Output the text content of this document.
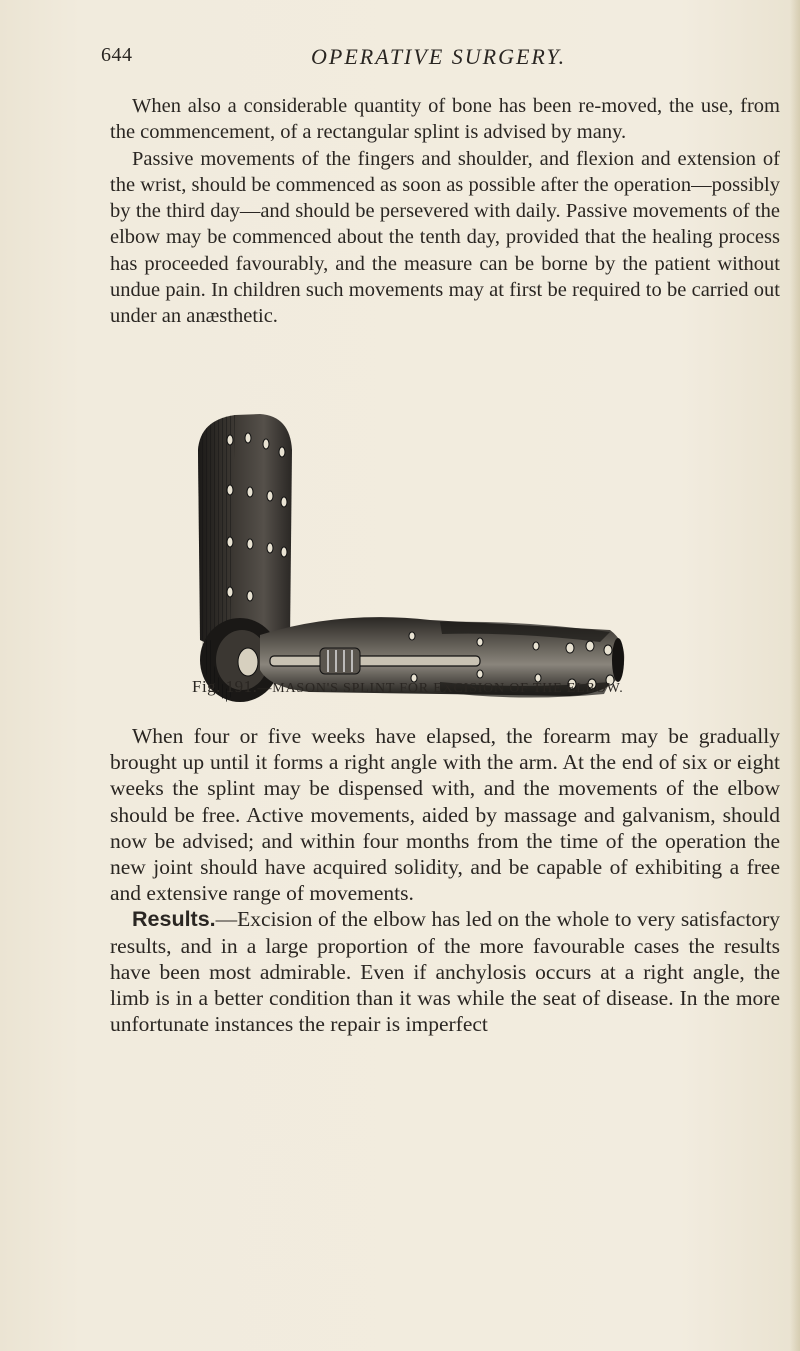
644	OPERATIVE SURGERY.

When also a considerable quantity of bone has been re-moved, the use, from the commencement, of a rectangular splint is advised by many.

Passive movements of the fingers and shoulder, and flexion and extension of the wrist, should be commenced as soon as possible after the operation—possibly by the third day—and should be persevered with daily. Passive movements of the elbow may be commenced about the tenth day, provided that the healing process has proceeded favourably, and the measure can be borne by the patient without undue pain. In children such movements may at first be required to be carried out under an anæsthetic.

Fig. 191.—MASON'S SPLINT FOR EXCISION OF THE ELBOW.

When four or five weeks have elapsed, the forearm may be gradually brought up until it forms a right angle with the arm. At the end of six or eight weeks the splint may be dispensed with, and the movements of the elbow should be free. Active movements, aided by massage and galvanism, should now be advised; and within four months from the time of the operation the new joint should have acquired solidity, and be capable of exhibiting a free and extensive range of movements.

Results.—Excision of the elbow has led on the whole to very satisfactory results, and in a large proportion of the more favourable cases the results have been most admirable. Even if anchylosis occurs at a right angle, the limb is in a better condition than it was while the seat of disease. In the more unfortunate instances the repair is imperfect
